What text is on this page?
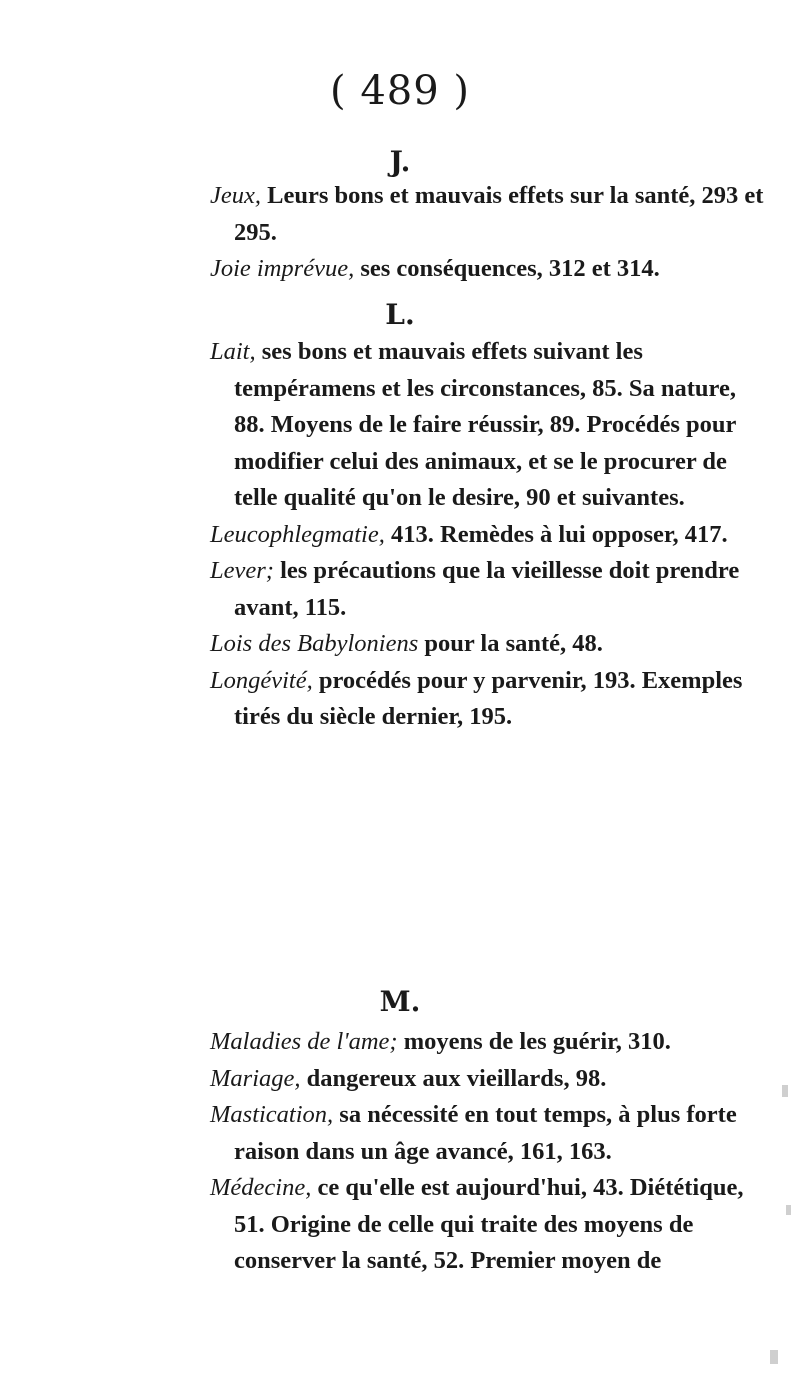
( 489 )
J.

Jeux, Leurs bons et mauvais effets sur la santé, 293 et 295.

Joie imprévue, ses conséquences, 312 et 314.

L.

Lait, ses bons et mauvais effets suivant les tempéramens et les circonstances, 85. Sa nature, 88. Moyens de le faire réussir, 89. Procédés pour modifier celui des animaux, et se le procurer de telle qualité qu'on le desire, 90 et suivantes.

Leucophlegmatie, 413. Remèdes à lui opposer, 417.

Lever; les précautions que la vieillesse doit prendre avant, 115.

Lois des Babyloniens pour la santé, 48.

Longévité, procédés pour y parvenir, 193. Exemples tirés du siècle dernier, 195.

M.

Maladies de l'ame; moyens de les guérir, 310.

Mariage, dangereux aux vieillards, 98.

Mastication, sa nécessité en tout temps, à plus forte raison dans un âge avancé, 161, 163.

Médecine, ce qu'elle est aujourd'hui, 43. Diététique, 51. Origine de celle qui traite des moyens de conserver la santé, 52. Premier moyen de
